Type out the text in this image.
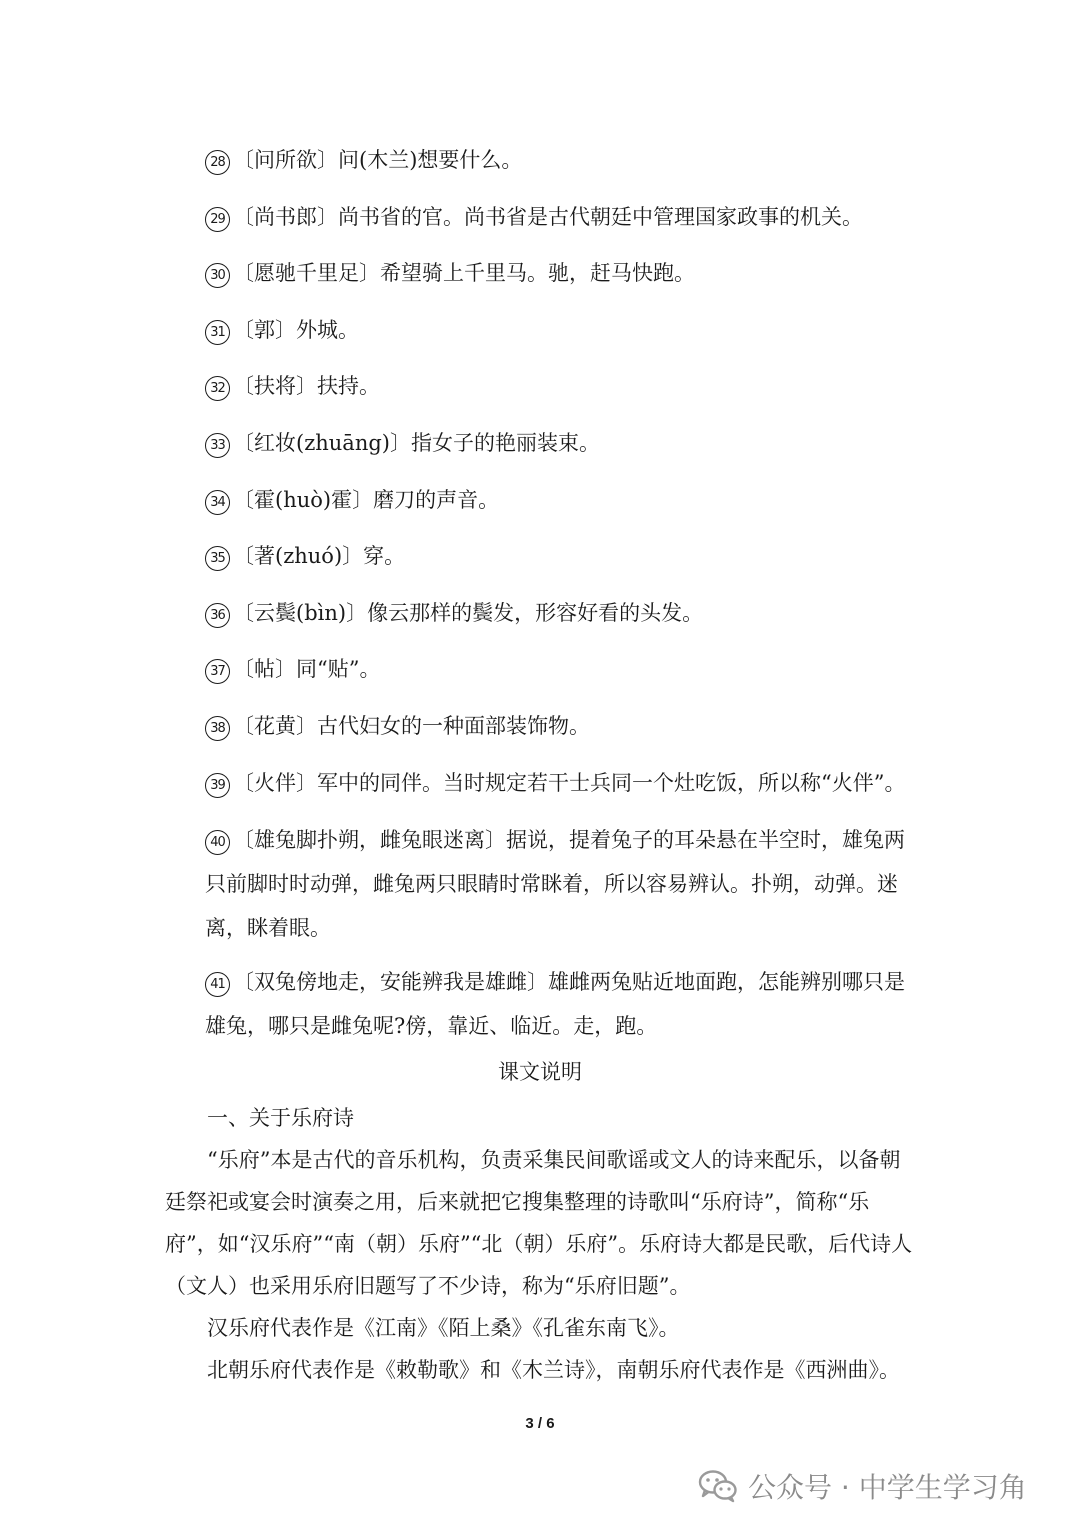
28 〔问所欲〕问(木兰)想要什么。
29 〔尚书郎〕尚书省的官。尚书省是古代朝廷中管理国家政事的机关。
30 〔愿驰千里足〕希望骑上千里马。驰，赶马快跑。
31 〔郭〕外城。
32 〔扶将〕扶持。
33 〔红妆(zhuāng)〕指女子的艳丽装束。
34 〔霍(huò)霍〕磨刀的声音。
35 〔著(zhuó)〕穿。
36 〔云鬓(bìn)〕像云那样的鬓发，形容好看的头发。
37 〔帖〕同“贴”。
38 〔花黄〕古代妇女的一种面部装饰物。
39 〔火伴〕军中的同伴。当时规定若干士兵同一个灶吃饭，所以称“火伴”。
40 〔雄兔脚扑朔，雌兔眼迷离〕据说，提着兔子的耳朵悬在半空时，雄兔两只前脚时时动弹，雌兔两只眼睛时常眯着，所以容易辨认。扑朔，动弹。迷离，眯着眼。
41 〔双兔傍地走，安能辨我是雄雌〕雄雌两兔贴近地面跑，怎能辨别哪只是雄兔，哪只是雌兔呢?傍，靠近、临近。走，跑。
课文说明
一、关于乐府诗
“乐府”本是古代的音乐机构，负责采集民间歌谣或文人的诗来配乐，以备朝廷祭祀或宴会时演奏之用，后来就把它搜集整理的诗歌叫“乐府诗”，简称“乐府”，如“汉乐府”“南（朝）乐府”“北（朝）乐府”。乐府诗大都是民歌，后代诗人（文人）也采用乐府旧题写了不少诗，称为“乐府旧题”。
汉乐府代表作是《江南》《陌上桑》《孔雀东南飞》。
北朝乐府代表作是《敕勒歌》和《木兰诗》，南朝乐府代表作是《西洲曲》。
3 / 6
公众号 · 中学生学习角
